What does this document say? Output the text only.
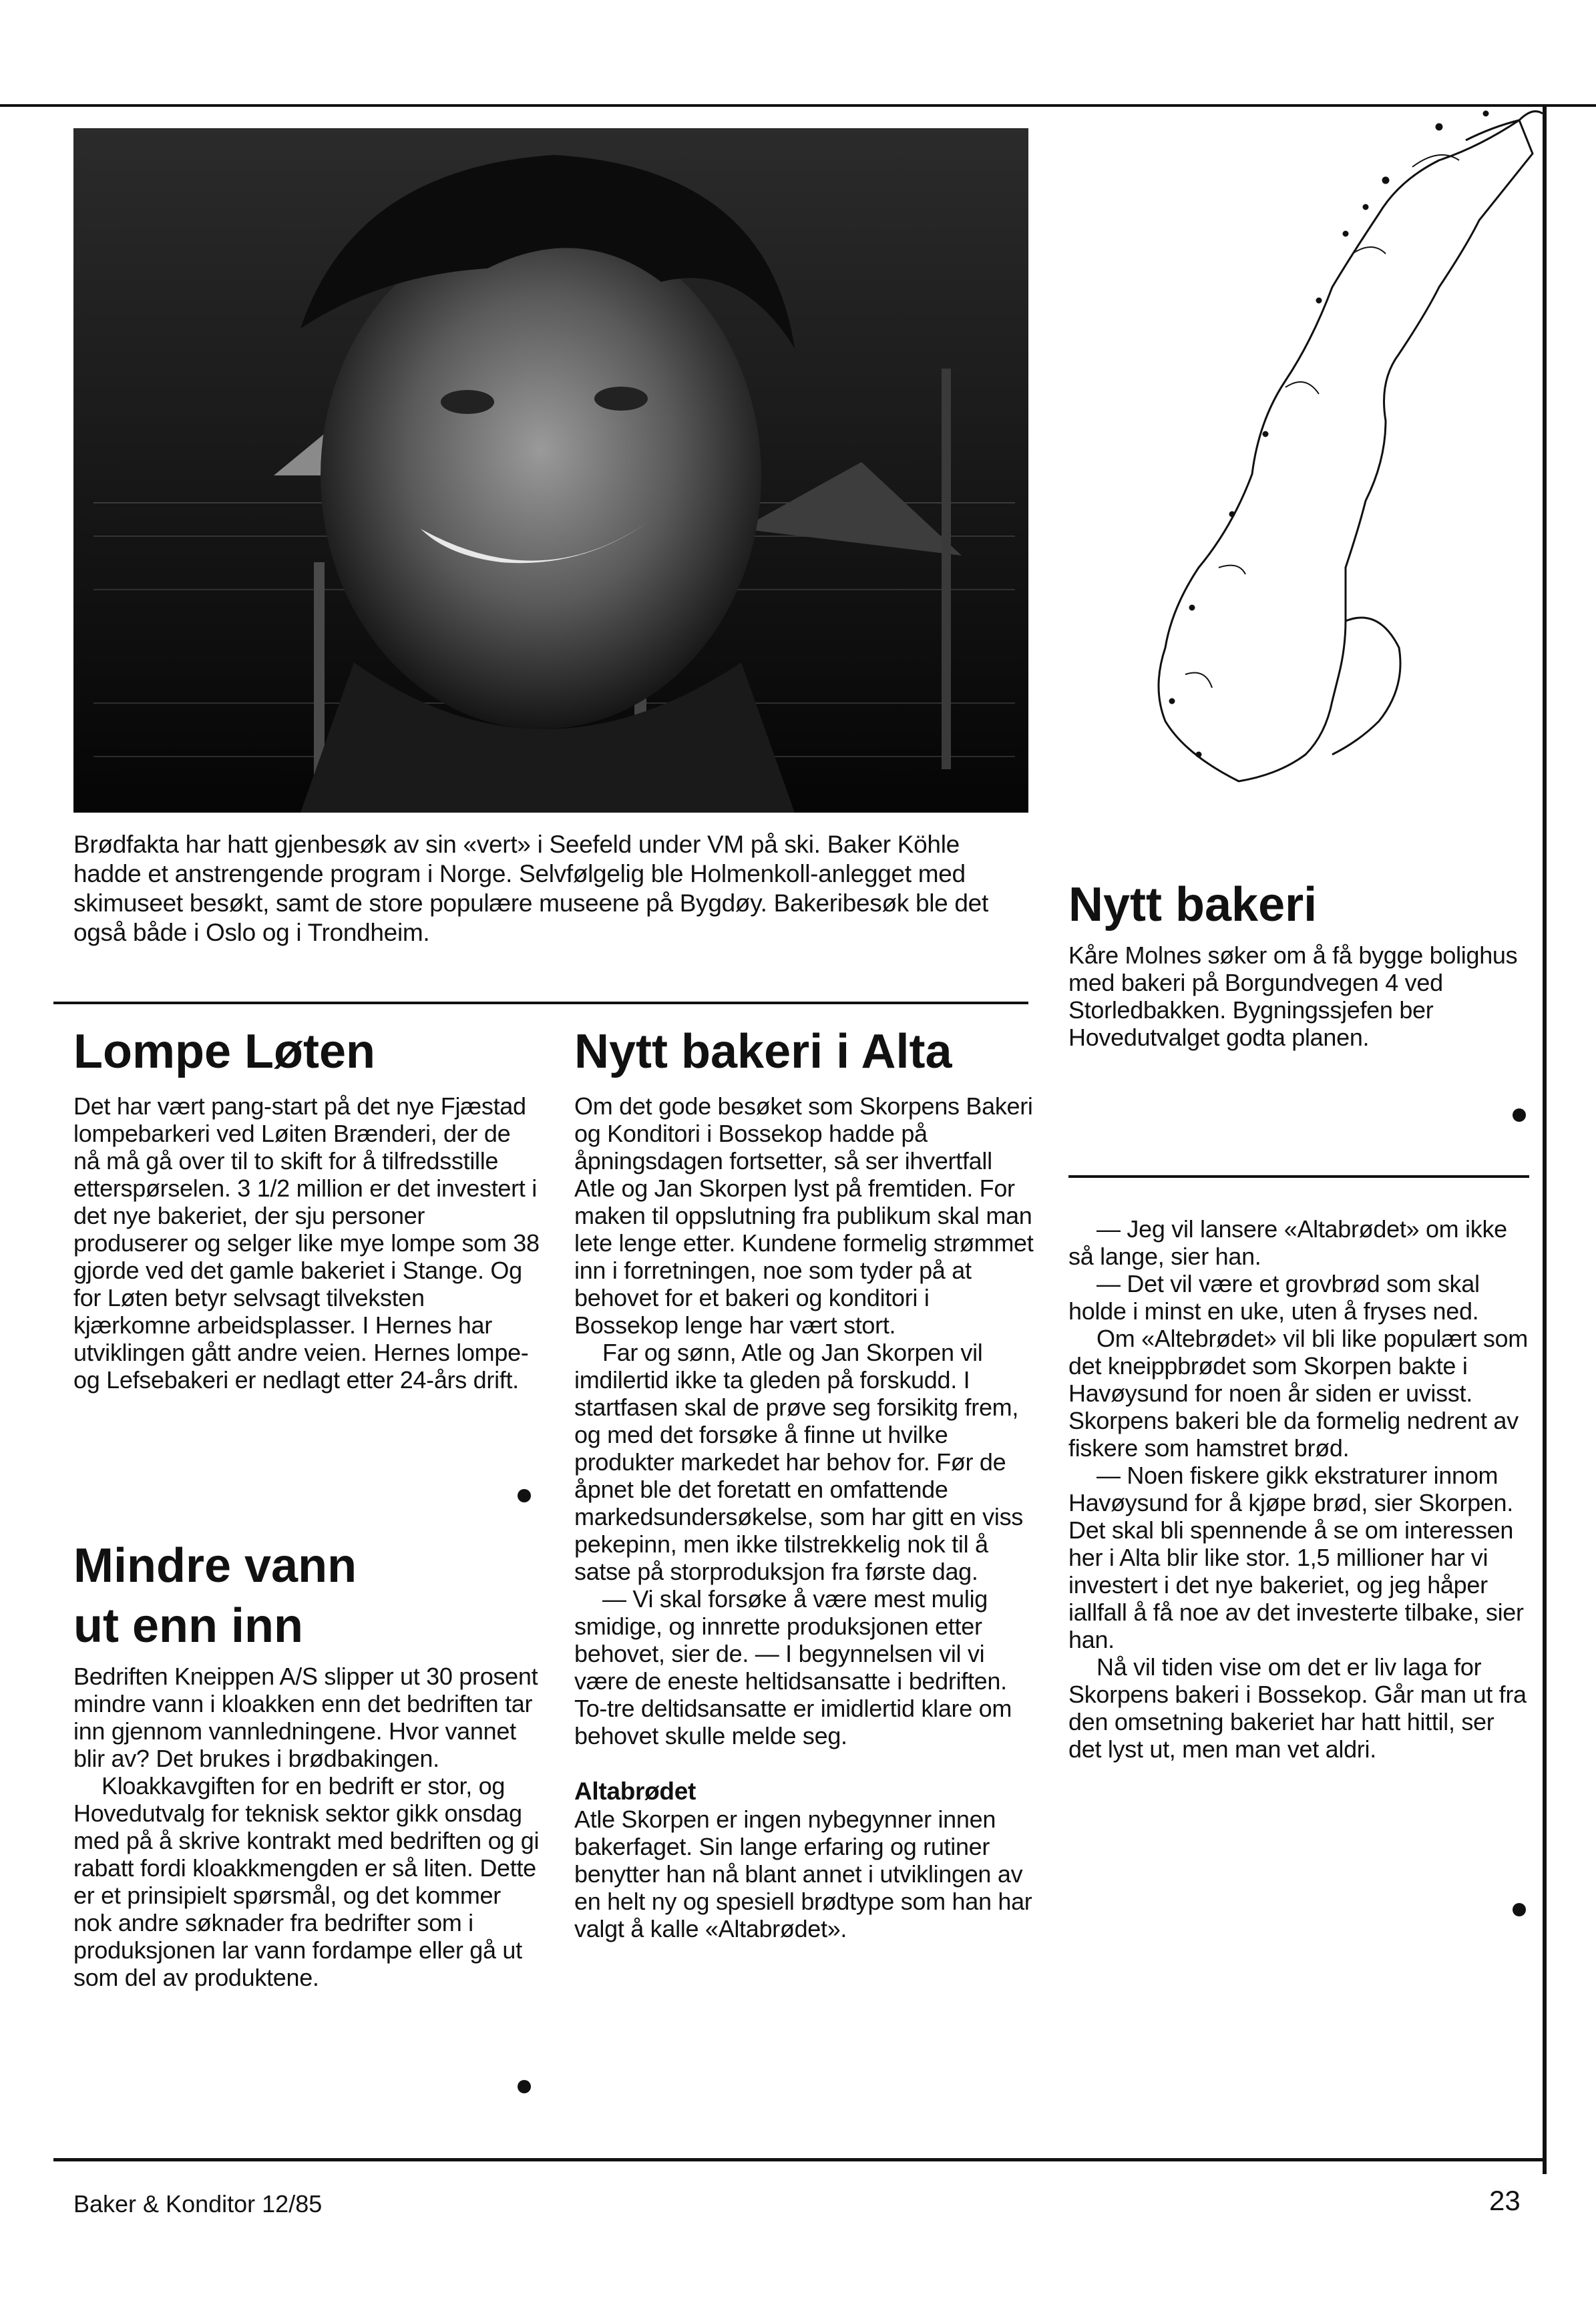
Brødfakta har hatt gjenbesøk av sin «vert» i Seefeld under VM på ski. Baker Köhle hadde et anstrengende program i Norge. Selvfølgelig ble Holmenkoll-anlegget med skimuseet besøkt, samt de store populære museene på Bygdøy. Bakeribesøk ble det også både i Oslo og i Trondheim.
Lompe Løten

Det har vært pang-start på det nye Fjæstad lompebarkeri ved Løiten Brænderi, der de nå må gå over til to skift for å tilfredsstille etterspørselen. 3 1/2 million er det investert i det nye bakeriet, der sju personer produserer og selger like mye lompe som 38 gjorde ved det gamle bakeriet i Stange. Og for Løten betyr selvsagt tilveksten kjærkomne arbeidsplasser. I Hernes har utviklingen gått andre veien. Hernes lompe- og Lefsebakeri er nedlagt etter 24-års drift.

Mindre vann
ut enn inn

Bedriften Kneippen A/S slipper ut 30 prosent mindre vann i kloakken enn det bedriften tar inn gjennom vannledningene. Hvor vannet blir av? Det brukes i brødbakingen.

Kloakkavgiften for en bedrift er stor, og Hovedutvalg for teknisk sektor gikk onsdag med på å skrive kontrakt med bedriften og gi rabatt fordi kloakkmengden er så liten. Dette er et prinsipielt spørsmål, og det kommer nok andre søknader fra bedrifter som i produksjonen lar vann fordampe eller gå ut som del av produktene.

Nytt bakeri i Alta

Om det gode besøket som Skorpens Bakeri og Konditori i Bossekop hadde på åpningsdagen fortsetter, så ser ihvertfall Atle og Jan Skorpen lyst på fremtiden. For maken til oppslutning fra publikum skal man lete lenge etter. Kundene formelig strømmet inn i forretningen, noe som tyder på at behovet for et bakeri og konditori i Bossekop lenge har vært stort.

Far og sønn, Atle og Jan Skorpen vil imdilertid ikke ta gleden på forskudd. I startfasen skal de prøve seg forsikitg frem, og med det forsøke å finne ut hvilke produkter markedet har behov for. Før de åpnet ble det foretatt en omfattende markedsundersøkelse, som har gitt en viss pekepinn, men ikke tilstrekkelig nok til å satse på storproduksjon fra første dag.

— Vi skal forsøke å være mest mulig smidige, og innrette produksjonen etter behovet, sier de. — I begynnelsen vil vi være de eneste heltidsansatte i bedriften. To-tre deltidsansatte er imidlertid klare om behovet skulle melde seg.

Altabrødet

Atle Skorpen er ingen nybegynner innen bakerfaget. Sin lange erfaring og rutiner benytter han nå blant annet i utviklingen av en helt ny og spesiell brødtype som han har valgt å kalle «Altabrødet».

Nytt bakeri

Kåre Molnes søker om å få bygge bolighus med bakeri på Borgundvegen 4 ved Storledbakken. Bygningssjefen ber Hovedutvalget godta planen.

— Jeg vil lansere «Altabrødet» om ikke så lange, sier han.

— Det vil være et grovbrød som skal holde i minst en uke, uten å fryses ned.

Om «Altebrødet» vil bli like populært som det kneippbrødet som Skorpen bakte i Havøysund for noen år siden er uvisst. Skorpens bakeri ble da formelig nedrent av fiskere som hamstret brød.

— Noen fiskere gikk ekstraturer innom Havøysund for å kjøpe brød, sier Skorpen. Det skal bli spennende å se om interessen her i Alta blir like stor. 1,5 millioner har vi investert i det nye bakeriet, og jeg håper iallfall å få noe av det investerte tilbake, sier han.

Nå vil tiden vise om det er liv laga for Skorpens bakeri i Bossekop. Går man ut fra den omsetning bakeriet har hatt hittil, ser det lyst ut, men man vet aldri.

Baker & Konditor 12/85	23
